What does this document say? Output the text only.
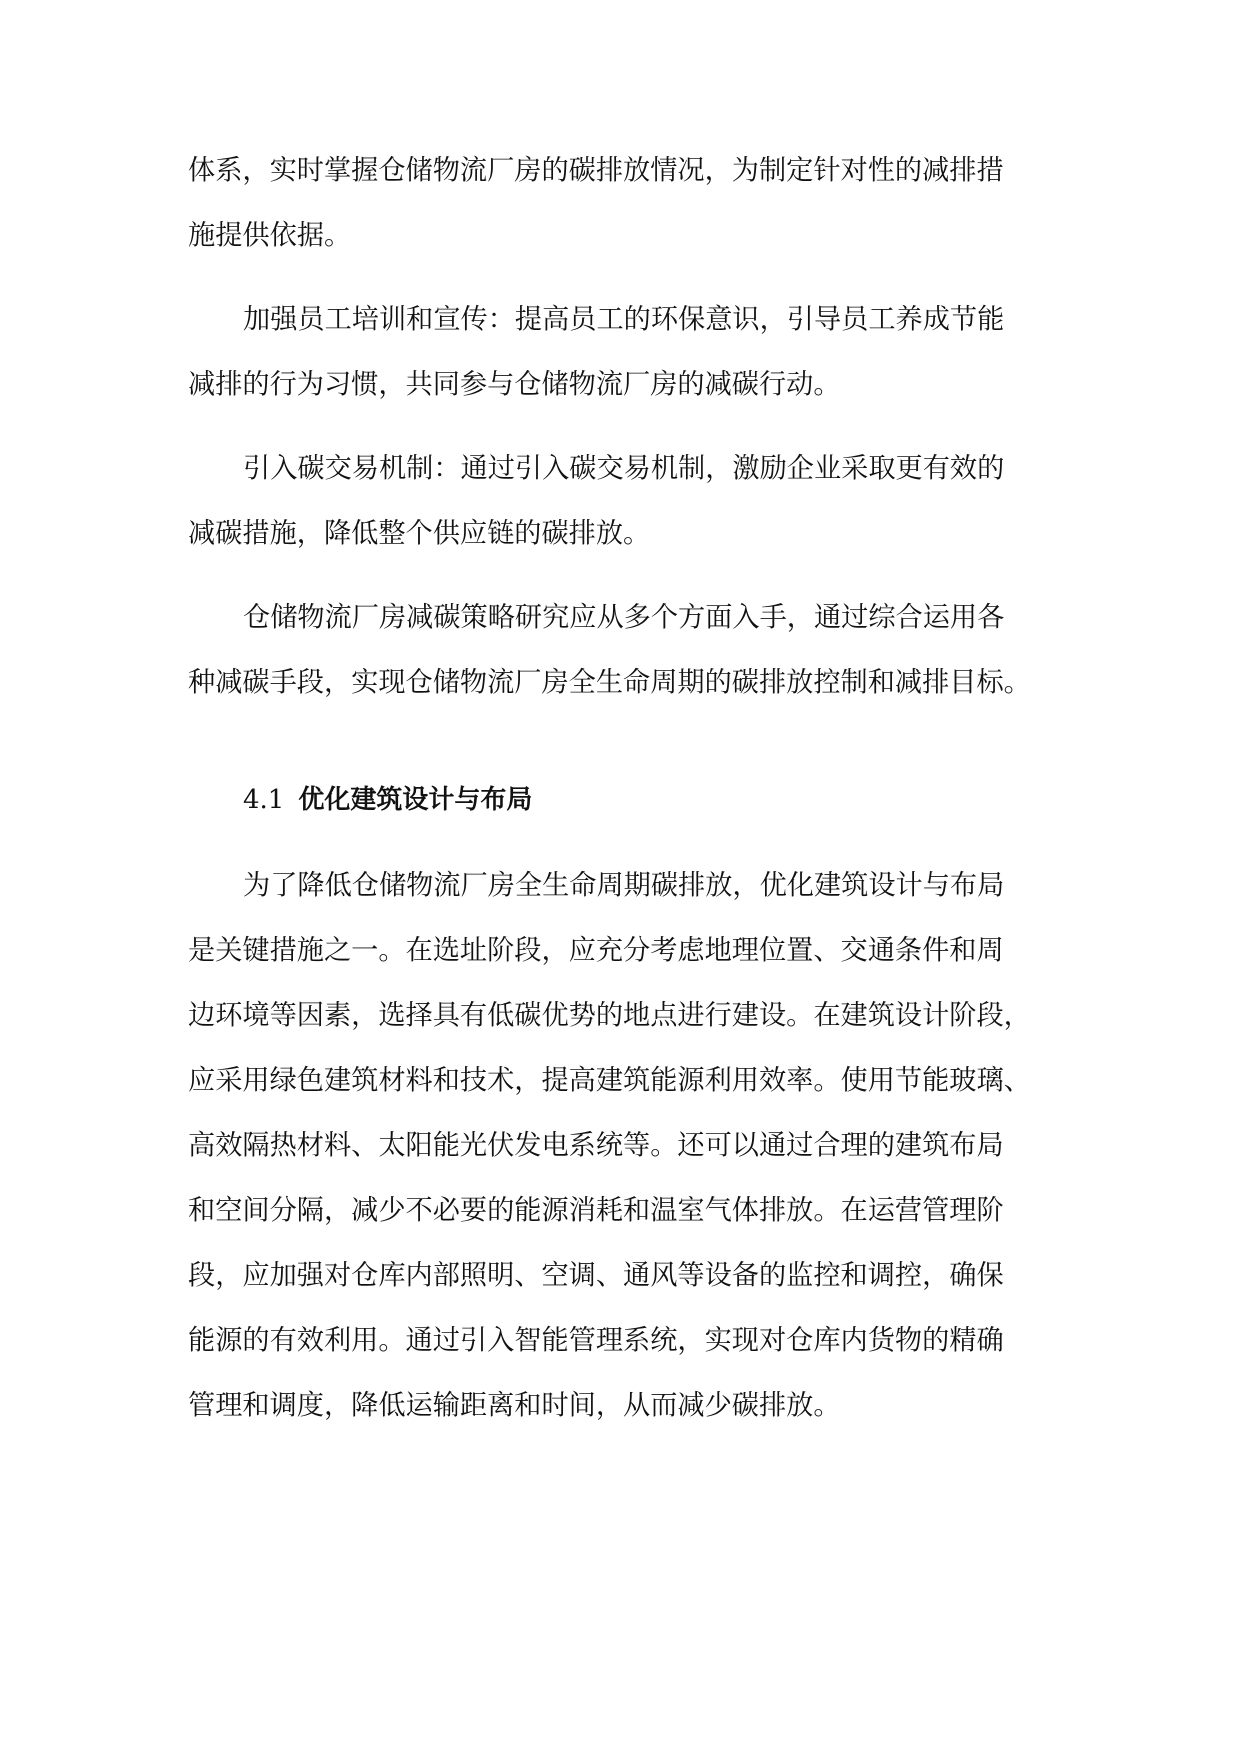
体系，实时掌握仓储物流厂房的碳排放情况，为制定针对性的减排措
施提供依据。
加强员工培训和宣传：提高员工的环保意识，引导员工养成节能
减排的行为习惯，共同参与仓储物流厂房的减碳行动。
引入碳交易机制：通过引入碳交易机制，激励企业采取更有效的
减碳措施，降低整个供应链的碳排放。
仓储物流厂房减碳策略研究应从多个方面入手，通过综合运用各
种减碳手段，实现仓储物流厂房全生命周期的碳排放控制和减排目标。
4.1 优化建筑设计与布局
为了降低仓储物流厂房全生命周期碳排放，优化建筑设计与布局
是关键措施之一。在选址阶段，应充分考虑地理位置、交通条件和周
边环境等因素，选择具有低碳优势的地点进行建设。在建筑设计阶段，
应采用绿色建筑材料和技术，提高建筑能源利用效率。使用节能玻璃、
高效隔热材料、太阳能光伏发电系统等。还可以通过合理的建筑布局
和空间分隔，减少不必要的能源消耗和温室气体排放。在运营管理阶
段，应加强对仓库内部照明、空调、通风等设备的监控和调控，确保
能源的有效利用。通过引入智能管理系统，实现对仓库内货物的精确
管理和调度，降低运输距离和时间，从而减少碳排放。
